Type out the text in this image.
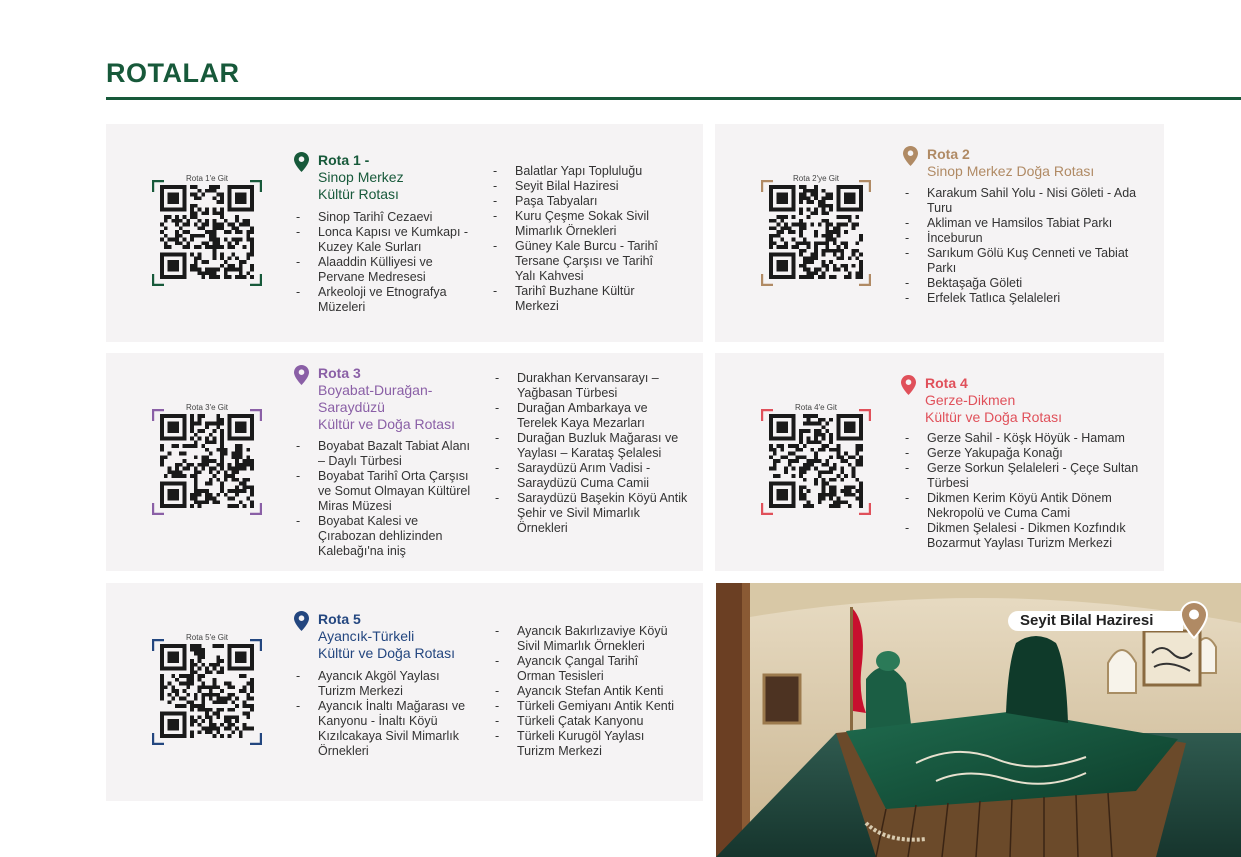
ROTALAR
Rota 1'e Git
Rota 1 -
Sinop Merkez
Kültür Rotası
- Sinop Tarihî Cezaevi
- Lonca Kapısı ve Kumkapı - Kuzey Kale Surları
- Alaaddin Külliyesi ve Pervane Medresesi
- Arkeoloji ve Etnografya Müzeleri
- Balatlar Yapı Topluluğu
- Seyit Bilal Haziresi
- Paşa Tabyaları
- Kuru Çeşme Sokak Sivil Mimarlık Örnekleri
- Güney Kale Burcu - Tarihî Tersane Çarşısı ve Tarihî Yalı Kahvesi
- Tarihî Buzhane Kültür Merkezi
Rota 2'ye Git
Rota 2
Sinop Merkez Doğa Rotası
- Karakum Sahil Yolu - Nisi Göleti - Ada Turu
- Akliman ve Hamsilos Tabiat Parkı
- İnceburun
- Sarıkum Gölü Kuş Cenneti ve Tabiat Parkı
- Bektaşağa Göleti
- Erfelek Tatlıca Şelaleleri
Rota 3'e Git
Rota 3
Boyabat-Durağan-
Saraydüzü
Kültür ve Doğa Rotası
- Boyabat Bazalt Tabiat Alanı – Daylı Türbesi
- Boyabat Tarihî Orta Çarşısı ve Somut Olmayan Kültürel Miras Müzesi
- Boyabat Kalesi ve Çırabozan dehlizinden Kalebağı'na iniş
- Durakhan Kervansarayı – Yağbasan Türbesi
- Durağan Ambarkaya ve Terelek Kaya Mezarları
- Durağan Buzluk Mağarası ve Yaylası – Karataş Şelalesi
- Saraydüzü Arım Vadisi - Saraydüzü Cuma Camii
- Saraydüzü Başekin Köyü Antik Şehir ve Sivil Mimarlık Örnekleri
Rota 4'e Git
Rota 4
Gerze-Dikmen
Kültür ve Doğa Rotası
- Gerze Sahil - Köşk Höyük - Hamam
- Gerze Yakupağa Konağı
- Gerze Sorkun Şelaleleri - Çeçe Sultan Türbesi
- Dikmen Kerim Köyü Antik Dönem Nekropolü ve Cuma Cami
- Dikmen Şelalesi - Dikmen Kozfındık Bozarmut Yaylası Turizm Merkezi
Rota 5'e Git
Rota 5
Ayancık-Türkeli
Kültür ve Doğa Rotası
- Ayancık Akgöl Yaylası Turizm Merkezi
- Ayancık İnaltı Mağarası ve Kanyonu - İnaltı Köyü Kızılcakaya Sivil Mimarlık Örnekleri
- Ayancık Bakırlızaviye Köyü Sivil Mimarlık Örnekleri
- Ayancık Çangal Tarihî Orman Tesisleri
- Ayancık Stefan Antik Kenti
- Türkeli Gemiyanı Antik Kenti
- Türkeli Çatak Kanyonu
- Türkeli Kurugöl Yaylası Turizm Merkezi
Seyit Bilal Haziresi
